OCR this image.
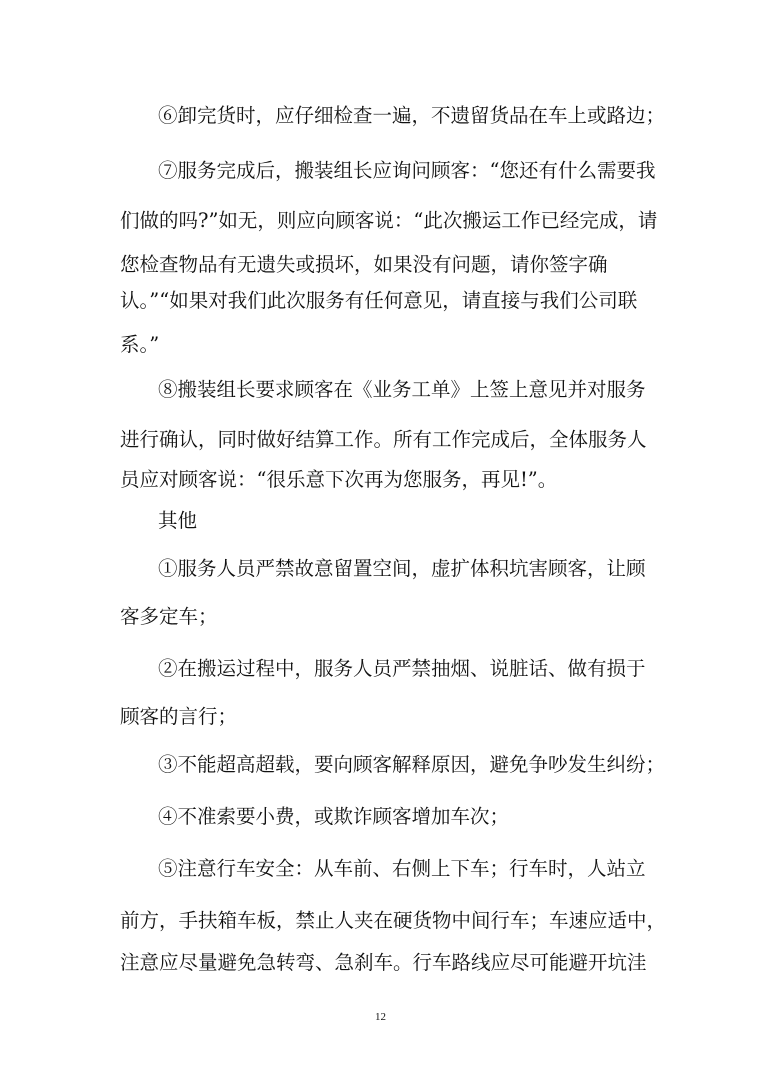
⑥卸完货时，应仔细检查一遍，不遗留货品在车上或路边；
⑦服务完成后，搬装组长应询问顾客：“您还有什么需要我
们做的吗?”如无，则应向顾客说：“此次搬运工作已经完成，请
您检查物品有无遗失或损坏，如果没有问题，请你签字确
认。”“如果对我们此次服务有任何意见，请直接与我们公司联
系。”
⑧搬装组长要求顾客在《业务工单》上签上意见并对服务
进行确认，同时做好结算工作。所有工作完成后，全体服务人
员应对顾客说：“很乐意下次再为您服务，再见!”。
其他
①服务人员严禁故意留置空间，虚扩体积坑害顾客，让顾
客多定车；
②在搬运过程中，服务人员严禁抽烟、说脏话、做有损于
顾客的言行；
③不能超高超载，要向顾客解释原因，避免争吵发生纠纷；
④不准索要小费，或欺诈顾客增加车次；
⑤注意行车安全：从车前、右侧上下车；行车时，人站立
前方，手扶箱车板，禁止人夹在硬货物中间行车；车速应适中，
注意应尽量避免急转弯、急刹车。行车路线应尽可能避开坑洼
12
